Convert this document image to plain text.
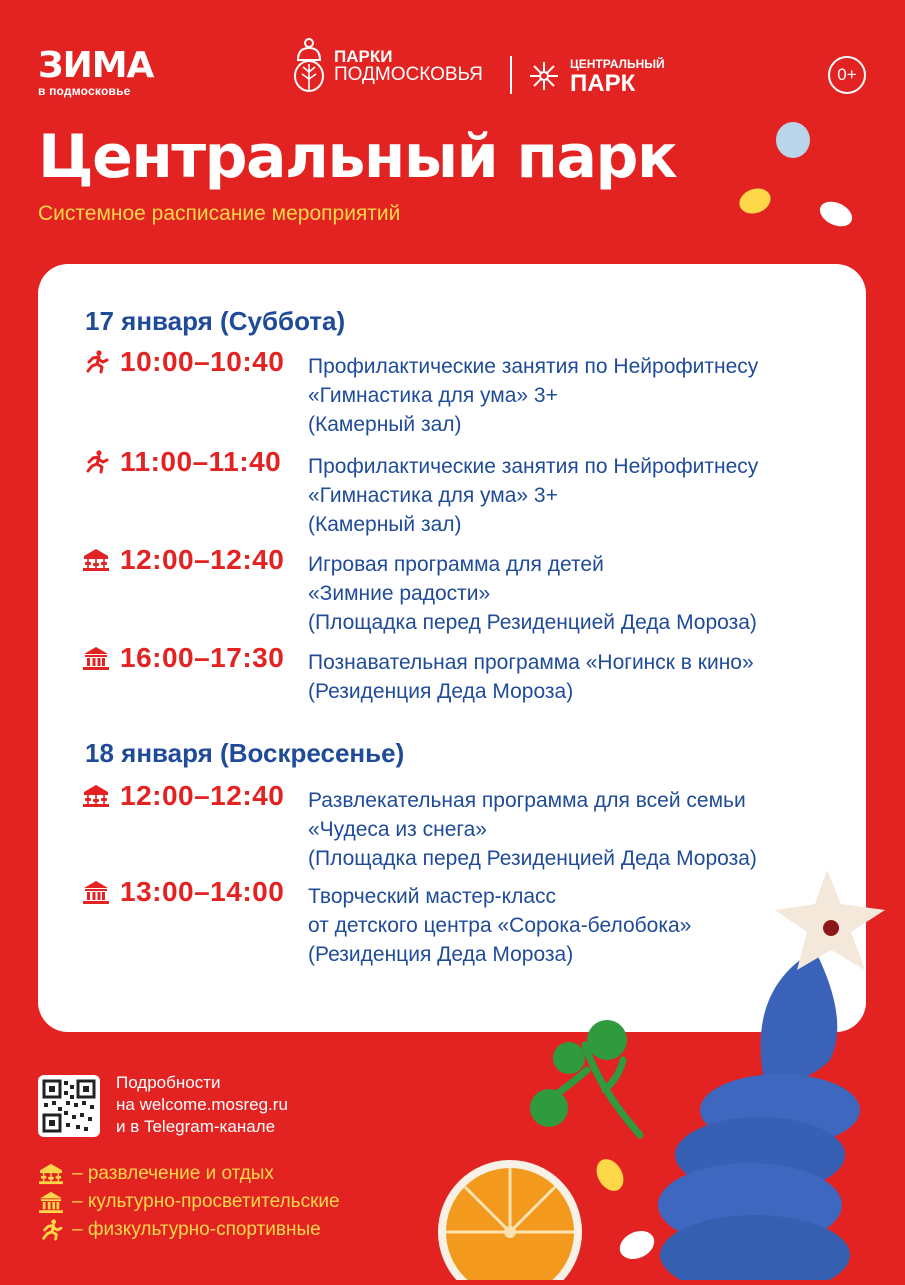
ЗИМА
в подмосковье
ПАРКИ
ПОДМОСКОВЬЯ	ЦЕНТРАЛЬНЫЙ
ПАРК	0+
Центральный парк
Системное расписание мероприятий
17 января (Суббота)
10:00–10:40 Профилактические занятия по Нейрофитнесу
«Гимнастика для ума» 3+
(Камерный зал)
11:00–11:40 Профилактические занятия по Нейрофитнесу
«Гимнастика для ума» 3+
(Камерный зал)
12:00–12:40 Игровая программа для детей
«Зимние радости»
(Площадка перед Резиденцией Деда Мороза)
16:00–17:30 Познавательная программа «Ногинск в кино»
(Резиденция Деда Мороза)
18 января (Воскресенье)
12:00–12:40 Развлекательная программа для всей семьи
«Чудеса из снега»
(Площадка перед Резиденцией Деда Мороза)
13:00–14:00 Творческий мастер-класс
от детского центра «Сорока-белобока»
(Резиденция Деда Мороза)
Подробности
на welcome.mosreg.ru
и в Telegram-канале
– развлечение и отдых
– культурно-просветительские
– физкультурно-спортивные
